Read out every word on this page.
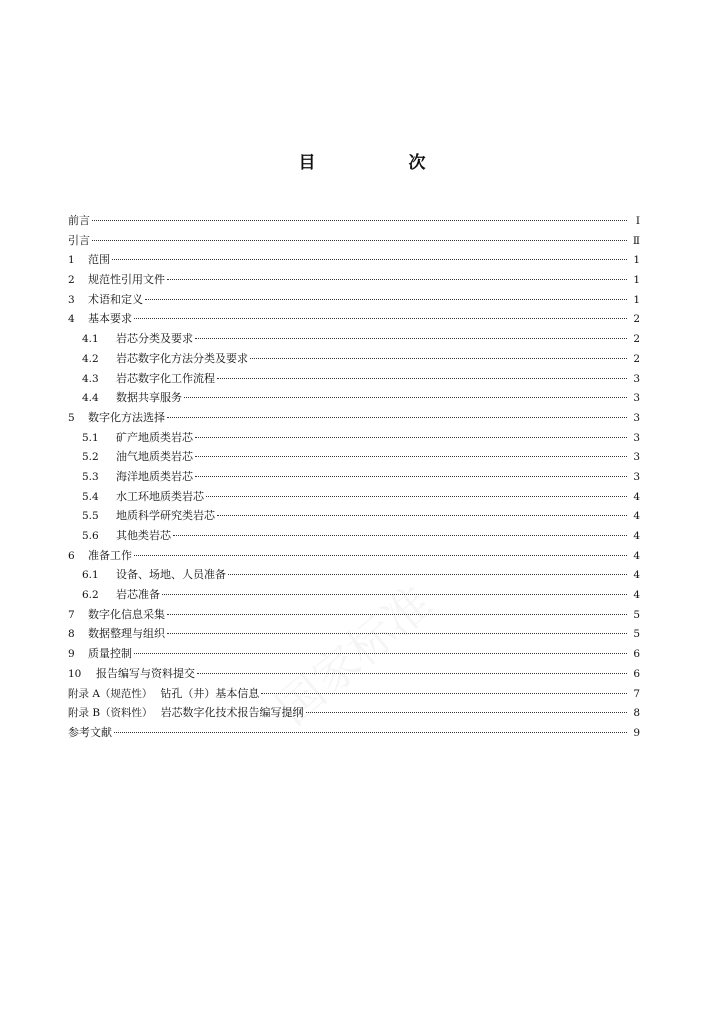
目　次
前言	Ⅰ
引言	Ⅱ
1	范围	1
2	规范性引用文件	1
3	术语和定义	1
4	基本要求	2
4.1	岩芯分类及要求	2
4.2	岩芯数字化方法分类及要求	2
4.3	岩芯数字化工作流程	3
4.4	数据共享服务	3
5	数字化方法选择	3
5.1	矿产地质类岩芯	3
5.2	油气地质类岩芯	3
5.3	海洋地质类岩芯	3
5.4	水工环地质类岩芯	4
5.5	地质科学研究类岩芯	4
5.6	其他类岩芯	4
6	准备工作	4
6.1	设备、场地、人员准备	4
6.2	岩芯准备	4
7	数字化信息采集	5
8	数据整理与组织	5
9	质量控制	6
10	报告编写与资料提交	6
附录 A（规范性） 钻孔（井）基本信息	7
附录 B（资料性） 岩芯数字化技术报告编写提纲	8
参考文献	9
